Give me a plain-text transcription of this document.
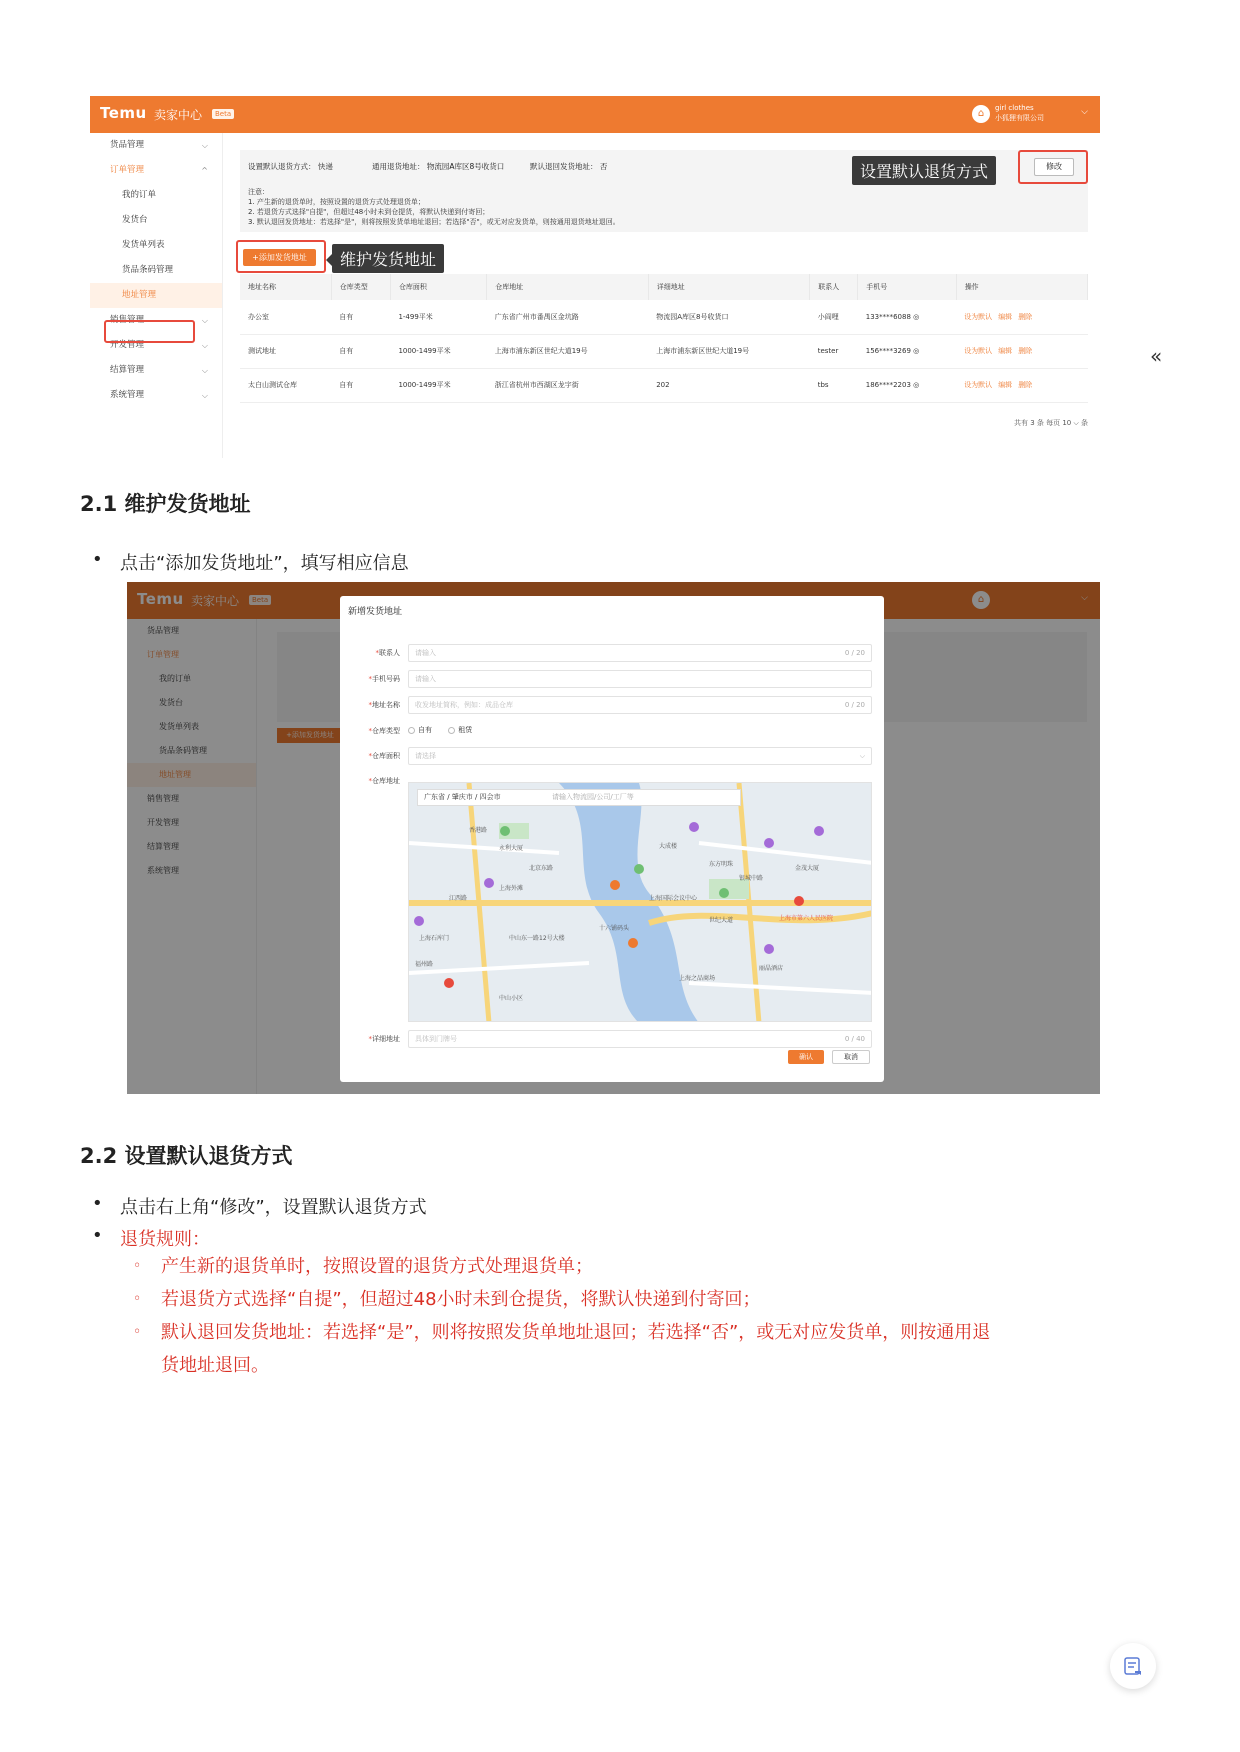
Temu 卖家中心	Beta	⌂	girl clothes
小狐狸有限公司
⌵
货品管理	⌵
订单管理	^
我的订单
发货台
发货单列表
货品条码管理
地址管理
销售管理	⌵
开发管理	⌵
结算管理	⌵
系统管理	⌵
设置默认退货方式： 快递	通用退货地址： 物流园A库区8号收货口	默认退回发货地址： 否
注意：
1. 产生新的退货单时，按照设置的退货方式处理退货单；
2. 若退货方式选择"自提"，但超过48小时未到仓提货，将默认快递到付寄回；
3. 默认退回发货地址：若选择"是"，则将按照发货单地址退回；若选择"否"，或无对应发货单，则按通用退货地址退回。
设置默认退货方式	修改
+添加发货地址	维护发货地址
地址名称	仓库类型	仓库面积	仓库地址	详细地址	联系人	手机号	操作
办公室	自有	1-499平米	广东省广州市番禺区金坑路	物流园A库区8号收货口	小阎哩	133****6088 ◎	设为默认 编辑 删除
测试地址	自有	1000-1499平米	上海市浦东新区世纪大道19号	上海市浦东新区世纪大道19号	tester	156****3269 ◎	设为默认 编辑 删除
太白山测试仓库	自有	1000-1499平米	浙江省杭州市西湖区龙宇街	202	tbs	186****2203 ◎	设为默认 编辑 删除
共有 3 条 每页 10 ⌵ 条
«
2.1 维护发货地址
• 点击“添加发货地址”，填写相应信息
Temu 卖家中心	Beta	⌂	⌵
货品管理
订单管理
我的订单
发货台
发货单列表
货品条码管理
地址管理
销售管理
开发管理
结算管理
系统管理
+添加发货地址
新增发货地址
*联系人	请输入	0 / 20
*手机号码	请输入
*地址名称	收发地址简称，例如：成品仓库	0 / 20
*仓库类型	自有	租赁
*仓库面积	请选择	⌵
*仓库地址
广东省 / 肇庆市 / 四会市	请输入物流园/公司/工厂等
永利大厦
香港路
北京东路
上海石库门
江西路
中山东一路12号大楼
上海之品商场
大成楼
上海外滩
福州路
丽晶酒店
十六铺码头
世纪大道
上海国际会议中心
银城中路
东方明珠
金茂大厦
中山小区
上海市第六人民医院
*详细地址	具体到门牌号	0 / 40
确认	取消
2.2 设置默认退货方式
• 点击右上角“修改”，设置默认退货方式
• 退货规则：
◦ 产生新的退货单时，按照设置的退货方式处理退货单；
◦ 若退货方式选择“自提”，但超过48小时未到仓提货，将默认快递到付寄回；
◦ 默认退回发货地址：若选择“是”，则将按照发货单地址退回；若选择“否”，或无对应发货单，则按通用退
货地址退回。
